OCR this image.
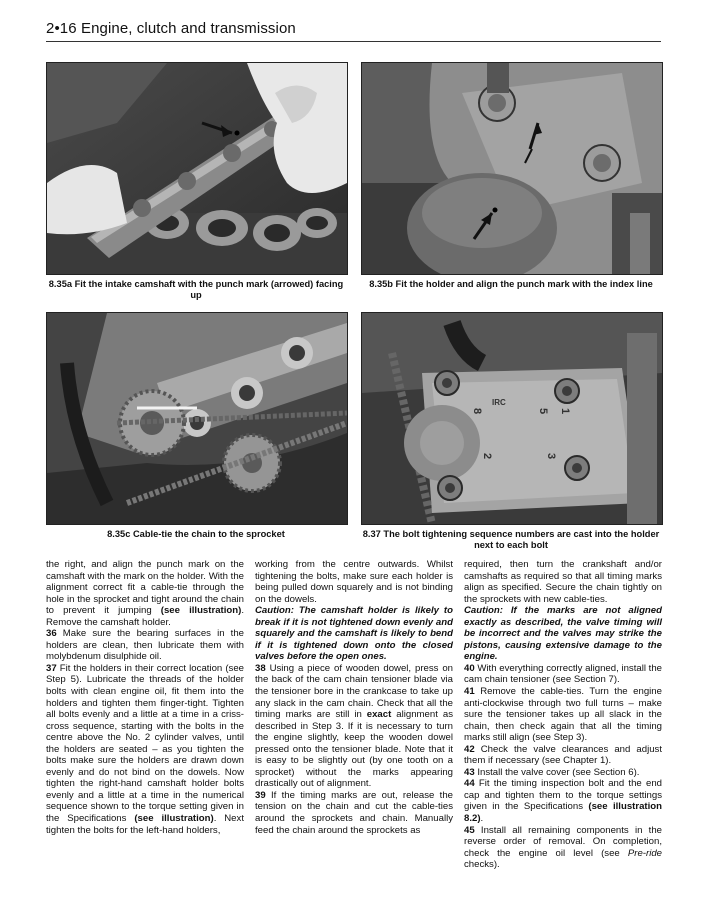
2•16 Engine, clutch and transmission
8.35a Fit the intake camshaft with the punch mark (arrowed) facing up
8.35b Fit the holder and align the punch mark with the index line
8.35c Cable-tie the chain to the sprocket
8
IRC
5 1
2	3
8.37 The bolt tightening sequence numbers are cast into the holder next to each bolt

the right, and align the punch mark on the camshaft with the mark on the holder. With the alignment correct fit a cable-tie through the hole in the sprocket and tight around the chain to prevent it jumping (see illustration). Remove the camshaft holder.

36 Make sure the bearing surfaces in the holders are clean, then lubricate them with molybdenum disulphide oil.

37 Fit the holders in their correct location (see Step 5). Lubricate the threads of the holder bolts with clean engine oil, fit them into the holders and tighten them finger-tight. Tighten all bolts evenly and a little at a time in a criss-cross sequence, starting with the bolts in the centre above the No. 2 cylinder valves, until the holders are seated – as you tighten the bolts make sure the holders are drawn down evenly and do not bind on the dowels. Now tighten the right-hand camshaft holder bolts evenly and a little at a time in the numerical sequence shown to the torque setting given in the Specifications (see illustration). Next tighten the bolts for the left-hand holders,

working from the centre outwards. Whilst tightening the bolts, make sure each holder is being pulled down squarely and is not binding on the dowels.

Caution: The camshaft holder is likely to break if it is not tightened down evenly and squarely and the camshaft is likely to bend if it is tightened down onto the closed valves before the open ones.

38 Using a piece of wooden dowel, press on the back of the cam chain tensioner blade via the tensioner bore in the crankcase to take up any slack in the cam chain. Check that all the timing marks are still in exact alignment as described in Step 3. If it is necessary to turn the engine slightly, keep the wooden dowel pressed onto the tensioner blade. Note that it is easy to be slightly out (by one tooth on a sprocket) without the marks appearing drastically out of alignment.

39 If the timing marks are out, release the tension on the chain and cut the cable-ties around the sprockets and chain. Manually feed the chain around the sprockets as

required, then turn the crankshaft and/or camshafts as required so that all timing marks align as specified. Secure the chain tightly on the sprockets with new cable-ties.

Caution: If the marks are not aligned exactly as described, the valve timing will be incorrect and the valves may strike the pistons, causing extensive damage to the engine.

40 With everything correctly aligned, install the cam chain tensioner (see Section 7).

41 Remove the cable-ties. Turn the engine anti-clockwise through two full turns – make sure the tensioner takes up all slack in the chain, then check again that all the timing marks still align (see Step 3).

42 Check the valve clearances and adjust them if necessary (see Chapter 1).

43 Install the valve cover (see Section 6).

44 Fit the timing inspection bolt and the end cap and tighten them to the torque settings given in the Specifications (see illustration 8.2).

45 Install all remaining components in the reverse order of removal. On completion, check the engine oil level (see Pre-ride checks).
